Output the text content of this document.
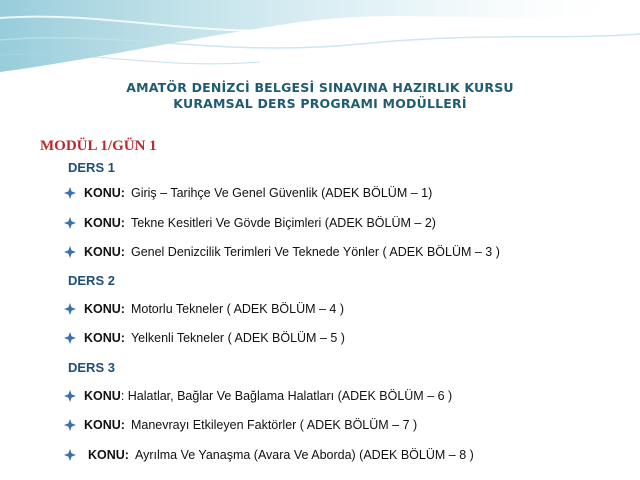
AMATÖR DENİZCİ BELGESİ SINAVINA HAZIRLIK KURSU
KURAMSAL DERS PROGRAMI MODÜLLERİ
MODÜL 1/GÜN 1
DERS 1
KONU: Giriş – Tarihçe Ve Genel Güvenlik (ADEK BÖLÜM – 1)
KONU: Tekne Kesitleri Ve Gövde Biçimleri (ADEK BÖLÜM – 2)
KONU: Genel Denizcilik Terimleri Ve Teknede Yönler ( ADEK BÖLÜM – 3 )
DERS 2
KONU: Motorlu Tekneler ( ADEK BÖLÜM – 4 )
KONU: Yelkenli Tekneler ( ADEK BÖLÜM – 5 )
DERS 3
KONU : Halatlar, Bağlar Ve Bağlama Halatları (ADEK BÖLÜM – 6 )
KONU: Manevrayı Etkileyen Faktörler ( ADEK BÖLÜM – 7 )
KONU: Ayrılma Ve Yanaşma (Avara Ve Aborda) (ADEK BÖLÜM – 8 )
